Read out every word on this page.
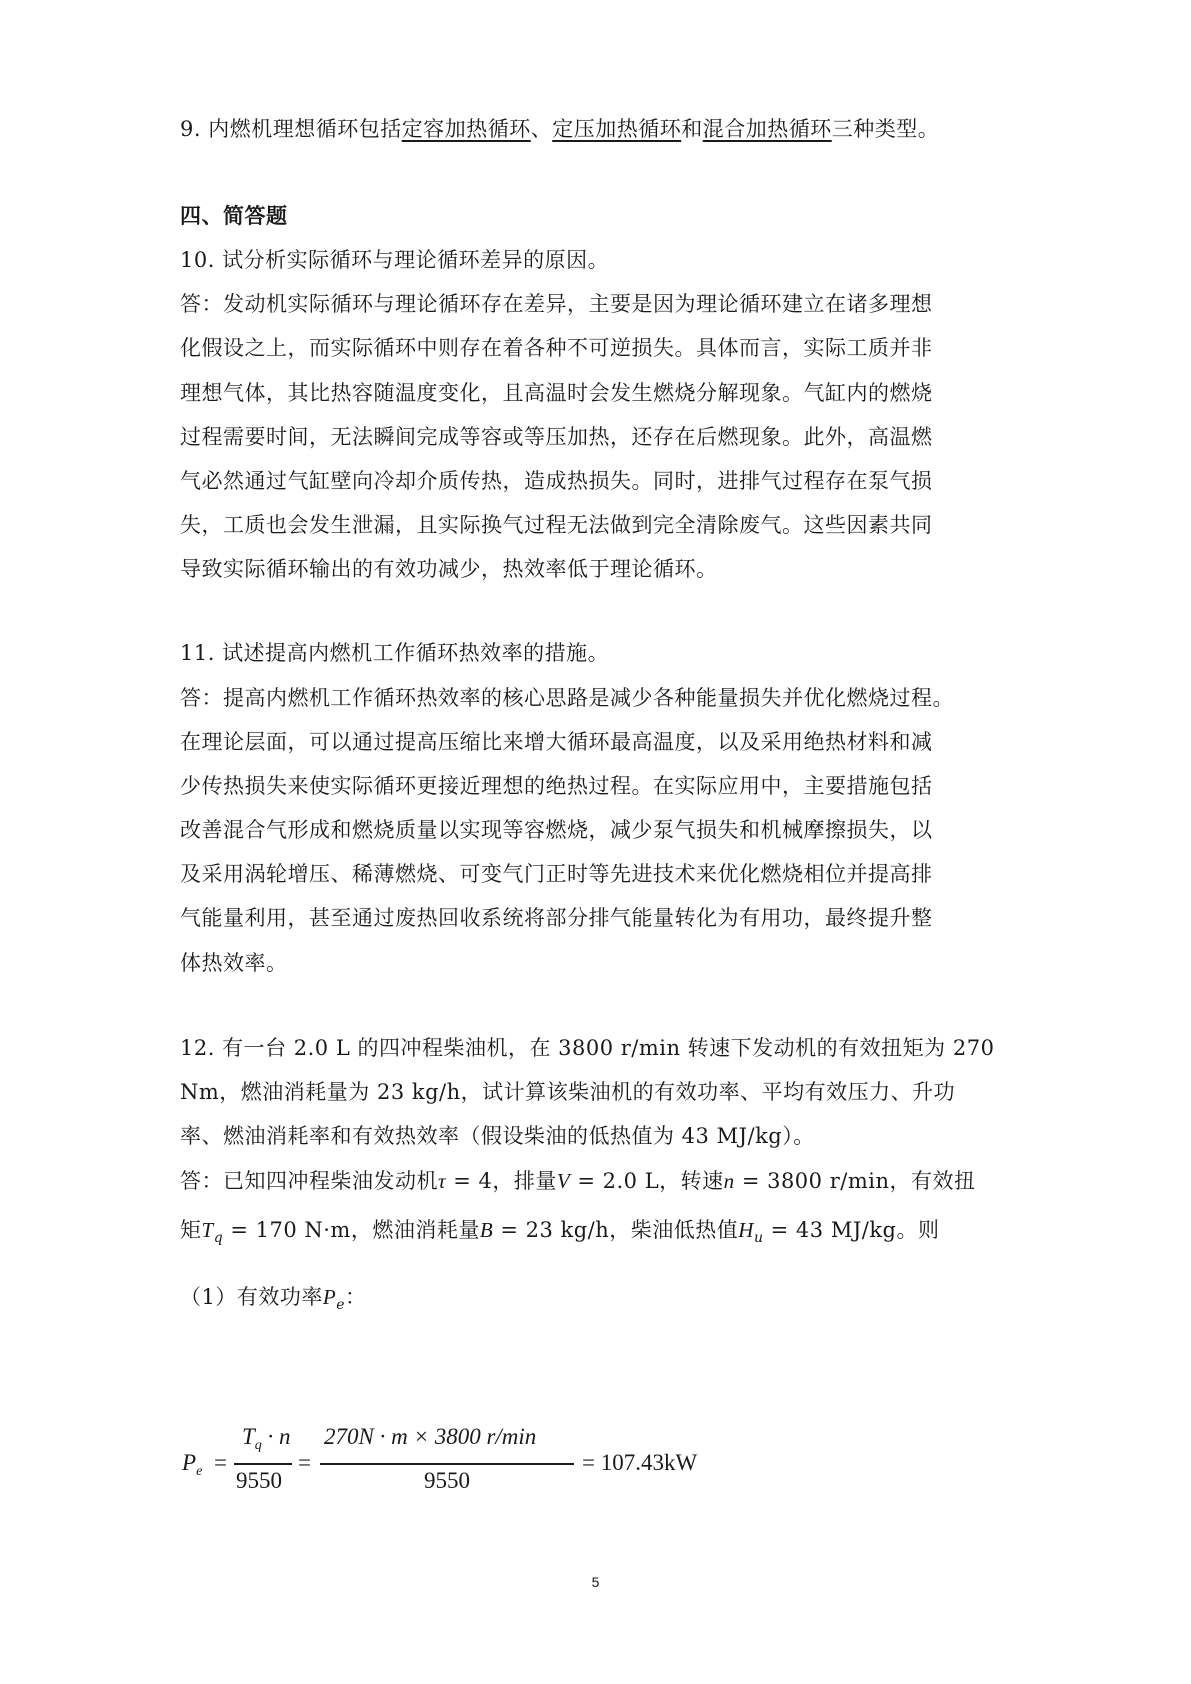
9. 内燃机理想循环包括定容加热循环、定压加热循环和混合加热循环三种类型。
四、简答题
10. 试分析实际循环与理论循环差异的原因。
答：发动机实际循环与理论循环存在差异，主要是因为理论循环建立在诸多理想
化假设之上，而实际循环中则存在着各种不可逆损失。具体而言，实际工质并非
理想气体，其比热容随温度变化，且高温时会发生燃烧分解现象。气缸内的燃烧
过程需要时间，无法瞬间完成等容或等压加热，还存在后燃现象。此外，高温燃
气必然通过气缸壁向冷却介质传热，造成热损失。同时，进排气过程存在泵气损
失，工质也会发生泄漏，且实际换气过程无法做到完全清除废气。这些因素共同
导致实际循环输出的有效功减少，热效率低于理论循环。
11. 试述提高内燃机工作循环热效率的措施。
答：提高内燃机工作循环热效率的核心思路是减少各种能量损失并优化燃烧过程。
在理论层面，可以通过提高压缩比来增大循环最高温度，以及采用绝热材料和减
少传热损失来使实际循环更接近理想的绝热过程。在实际应用中，主要措施包括
改善混合气形成和燃烧质量以实现等容燃烧，减少泵气损失和机械摩擦损失，以
及采用涡轮增压、稀薄燃烧、可变气门正时等先进技术来优化燃烧相位并提高排
气能量利用，甚至通过废热回收系统将部分排气能量转化为有用功，最终提升整
体热效率。
12. 有一台 2.0 L 的四冲程柴油机，在 3800 r/min 转速下发动机的有效扭矩为 270
Nm，燃油消耗量为 23 kg/h，试计算该柴油机的有效功率、平均有效压力、升功
率、燃油消耗率和有效热效率（假设柴油的低热值为 43 MJ/kg）。
答：已知四冲程柴油发动机τ = 4，排量V = 2.0 L，转速n = 3800 r/min，有效扭
矩$T_q = 170$ N·m，燃油消耗量B = 23 kg/h，柴油低热值$H_u = 43$ MJ/kg。则
（1）有效功率$P_e$：
$P_e$ =
$T_q \cdot n$
9550
=
270N · m × 3800 r/min
9550
= 107.43kW
5
